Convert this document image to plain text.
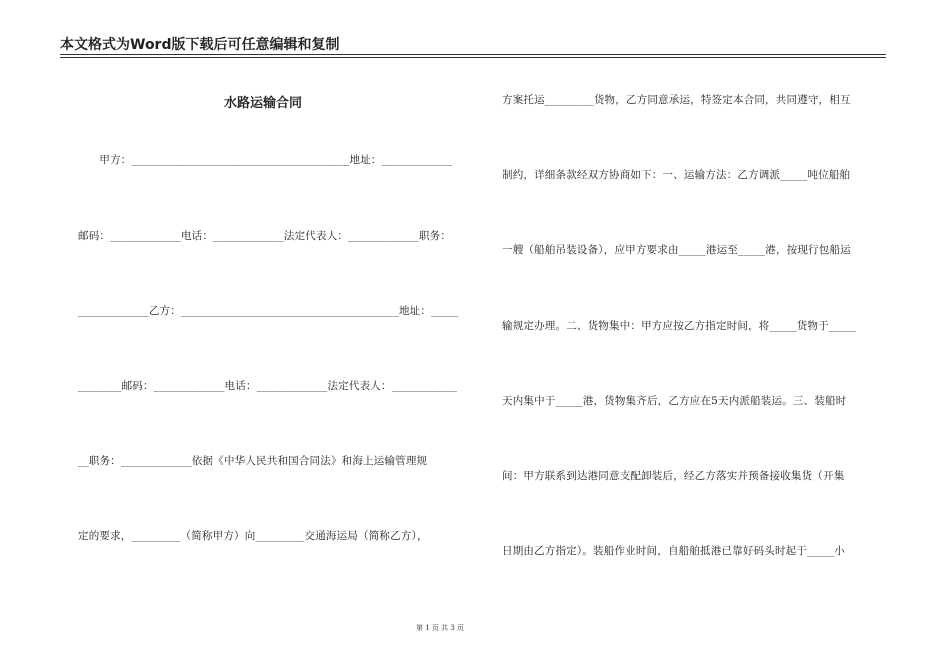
本文格式为Word版下载后可任意编辑和复制
水路运输合同
　　甲方：________________________________________地址：_____________
邮码：_____________电话：_____________法定代表人：_____________职务：
_____________乙方：________________________________________地址：_____
________邮码：_____________电话：_____________法定代表人：____________
__职务：_____________依据《中华人民共和国合同法》和海上运输管理规
定的要求，_________（简称甲方）向_________交通海运局（简称乙方），
方案托运_________货物，乙方同意承运，特签定本合同，共同遵守，相互
制约，详细条款经双方协商如下：一、运输方法：乙方调派_____吨位船舶
一艘（船舶吊装设备），应甲方要求由_____港运至_____港，按现行包船运
输规定办理。二、货物集中：甲方应按乙方指定时间，将_____货物于_____
天内集中于_____港，货物集齐后，乙方应在5天内派船装运。三、装船时
间：甲方联系到达港同意支配卸装后，经乙方落实并预备接收集货（开集
日期由乙方指定）。装船作业时间，自船舶抵港已靠好码头时起于_____小
第 1 页 共 3 页
